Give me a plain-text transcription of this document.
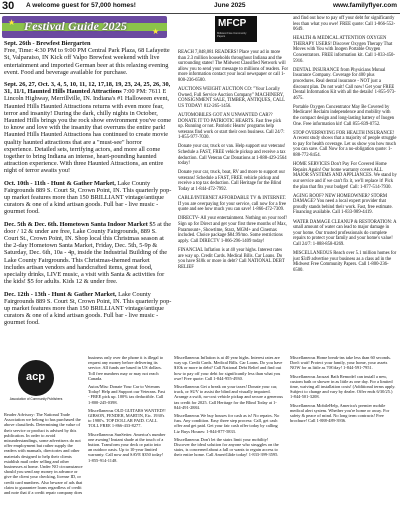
30 A welcome guest for 57,000 homes!	June 2025	www.familyflyer.com
★
★
Festival Guide 2025
Sept. 26th - Brewfest Biergarten
Free, Time: 4:30 PM to 9:00 PM Central Park Plaza, 68 Lafayette St, Valparaiso, IN Kick off Valpo Brewfest weekend with live entertainment and imported German beer at this relaxing evening event. Food and beverage available for purchase.
Sept. 26, 27, Oct. 3, 4, 5, 10, 11, 12, 17,18, 19, 23, 24, 25, 26, 30, 31, 11/1, Haunted Hills Haunted Attractions 7:00 PM: 7611 E Lincoln Highway, Merrillville, IN. Indiana's #1 Halloween event, Haunted Hills Haunted Attractions returns with even more fear, terror and insanity! During the dark, chilly nights in October, Haunted Hills brings you the rock show environment you've come to know and love with the insanity that overruns the entire park! Haunted Hills Haunted Attractions has continued to create movie quality haunted attractions that are a "must-see" horror experience. Detailed sets, terrifying actors, and more all come together to bring Indiana an intense, heart-pounding haunted attraction experience. With three Haunted Attractions, an entire night of terror awaits you!
Oct. 10th - 11th - Hunt & Gather Market, Lake County Fairgrounds 889 S. Court St, Crown Point, IN. This quarterly pop-up market features more than 150 BRILLIANT vintage/antique curators & one of a kind artisan goods. Full bar - live music - gourmet food.
Dec. 5th & Dec. 6th. Hometown Santa Indoor Market $5 at the door / 12 & under are free, Lake County Fairgrounds, 889 S. Court St., Crown Point, IN. Shop local this Christmas season at the 2-day Hometown Santa Market, Friday, Dec. 5th, 5-9p & Saturday, Dec. 6th, 10a - 4p, inside the Industrial Building of the Lake County Fairgrounds. This Christmas-themed market includes artisan vendors and handcrafted items, great food, specialty drinks, LIVE music, a visit with Santa & activities for the kids! $5 for adults. Kids 12 & under free.
Dec. 12th - 13th - Hunt & Gather Market, Lake County Fairgrounds 889 S. Court St, Crown Point, IN. This quarterly pop-up market features more than 150 BRILLIANT vintage/antique curators & one of a kind artisan goods. Full bar - live music - gourmet food.
MFCP
Midwest Free Community Papers

REACH 7,848,081 READERS! Place your ad in more than 2.3 million households throughout Indiana and the surrounding states! The Midwest Classified Network will allow you to send your message to millions of readers. For more information contact your local newspaper or call 1-800-236-6500.

AUCTIONS WEIGHT AUCTION CO: "Your Locally Owned, Full Service Auction Company" MACHINERY, CONSIGNMENT SALE, TIMBER, ANTIQUES, CALL US TODAY! 812-265-1456.

AUTOMOBILES GOT AN UNWANTED CAR?? DONATE IT TO PATRIOTIC HEARTS. Fast free pick up. Running or not. Patriotic Hearts' programs help veterans find work or start their own business. Call 24/7: 1-855-977-7030.

Donate your car, truck or van. Help support our veterans! Schedule a FAST, FREE vehicle pickup and receive a tax deduction. Call Veteran Car Donations at 1-888-429-2564 today!

Donate your car, truck, boat, RV and more to support our veterans! Schedule a FAST, FREE vehicle pickup and receive a top tax deduction. Call Heritage for the Blind Today at 1-844-472-7992.

CABLE/INTERNET AFFORDABLE TV & INTERNET. If you are overpaying for your service, call now for a free quote and see how much you can save! 1-866-472-7309.

DIRECTV- All your entertainment. Nothing on your roof! Sign up for Direct and get your first three months of Max, Paramount+, Showtime, Starz, MGM+ and Cinemax included. Choice package $84.99/mo. Some restrictions apply. Call DIRECTV 1-866-296-1409 today!

FINANCIAL Inflation is at 40 year highs. Interest rates are way up. Credit Cards. Medical Bills. Car Loans. Do you have $10k or more in debt? Call NATIONAL DEBT RELIEF

and find out how to pay off your debt for significantly less than what you owe! FREE quote: Call 1-866-552-0649.

HEALTH & MEDICAL ATTENTION OXYGEN THERAPY USERS! Discover Oxygen Therapy That Moves with You with Inogen Portable Oxygen Concentrators. FREE information kit. Call 1-833-450-5916.

DENTAL INSURANCE from Physicians Mutual Insurance Company. Coverage for 400 plus procedures. Real dental insurance - NOT just a discount plan. Do not wait! Call now! Get your FREE Dental Information Kit with all the details! 1-855-973-4675.

Portable Oxygen Concentrator May Be Covered by Medicare! Reclaim independence and mobility with the compact design and long-lasting battery of Inogen One. Free information kit! Call 855-839-0752.

STOP OVERPAYING FOR HEALTH INSURANCE! A recent study shows that a majority of people struggle to pay for health coverage. Let us show you how much you can save. Call Now for a no-obligation quote: 1-888-772-8454.

HOME SERVICES Don't Pay For Covered Home Repairs Again! Our home warranty covers ALL MAJOR SYSTEMS AND APPLIANCES. We stand by our service and if we can't fix it, we'll replace it! Pick the plan that fits your budget! Call: 1-877-514-7930.

AGING ROOF? NEW HOMEOWNER? STORM DAMAGE? You need a local expert provider that proudly stands behind their work. Fast, free estimate. Financing available. Call 1-833-989-4419.

WATER DAMAGE CLEANUP & RESTORATION: A small amount of water can lead to major damage in your home. Our trusted professionals do complete repairs to protect your family and your home's value! Call 24/7: 1-888-858-0269.

MISCELLANEOUS Reach over 5.1 million homes for just $349 advertise your business as a class ad in the Midwest Free Community Papers. Call 1-800-236-6500.

acp
Association of Community Publishers

Reader Advisory: The National Trade Association we belong to has purchased the above classifieds. Determining the value of their service or product is advised by this publication. In order to avoid misunderstandings, some advertisers do not offer employment but rather supply the readers with manuals, directories and other materials designed to help their clients establish mail order selling and other businesses at home. Under NO circumstance should you send any money in advance or give the client your checking, license ID, or credit card numbers. Also beware of ads that claim to guarantee loans regardless of credit and note that if a credit repair company does

business only over the phone it is illegal to request any money before delivering its service. All funds are based in US dollars. Toll free numbers may or may not reach Canada.

Autos/Misc Donate Your Car to Veterans Today! Help and Support our Veterans. Fast - FREE pick up. 100% tax deductible. Call 1-800-245-0398.

Miscellaneous OLD GUITARS WANTED!! GIBSON, FENDER, MARTIN, Etc. 1930's to 1980's. TOP DOLLAR PAID. CALL TOLL FREE 1-866-433-8277.

Miscellaneous SunSetter. America's number one awning! Instant shade at the touch of a button. Transform your deck or patio into an outdoor oasis. Up to 10-year limited warranty. Call now and SAVE $350 today! 1-855-914-1148.

Miscellaneous Inflation is at 40 year highs. Interest rates are way up. Credit Cards. Medical Bills. Car Loans. Do you have $10k or more in debt? Call National Debt Relief and find out how to pay off your debt for significantly less than what you owe! Free quote: Call 1-844-955-4930.

Miscellaneous Get a break on your taxes! Donate your car, truck, or SUV to assist the blind and visually impaired. Arrange a swift, no-cost vehicle pickup and secure a generous tax credit for 2025. Call Heritage for the Blind Today at 1-844-491-2884.

Miscellaneous We buy houses for cash as is! No repairs. No fuss. Any condition. Easy three step process: Call, get cash offer and get paid. Get your fair cash offer today by calling Liz Buys Houses: 1-844-877-5833.

Miscellaneous Don't let the stairs limit your mobility! Discover the ideal solution for anyone who struggles on the stairs, is concerned about a fall or wants to regain access to their entire home. Call AmeriGlide today! 1-833-399-3595.

Miscellaneous Home break-ins take less than 60 seconds. Don't wait! Protect your family, your home, your assets NOW for as little as 70¢/day! 1-844-591-7951.

Miscellaneous Jacuzzi Bath Remodel can install a new, custom bath or shower in as little as one day. For a limited time, waiving all installation costs! (Additional terms apply. Subject to change and vary by dealer. Offer ends 6/30/25.) 1-844-501-3208.

Miscellaneous MobileHelp, America's premier mobile medical alert system. Whether you're home or away. For safety & peace of mind. No long term contracts! Free brochure! Call 1-888-489-3936.
